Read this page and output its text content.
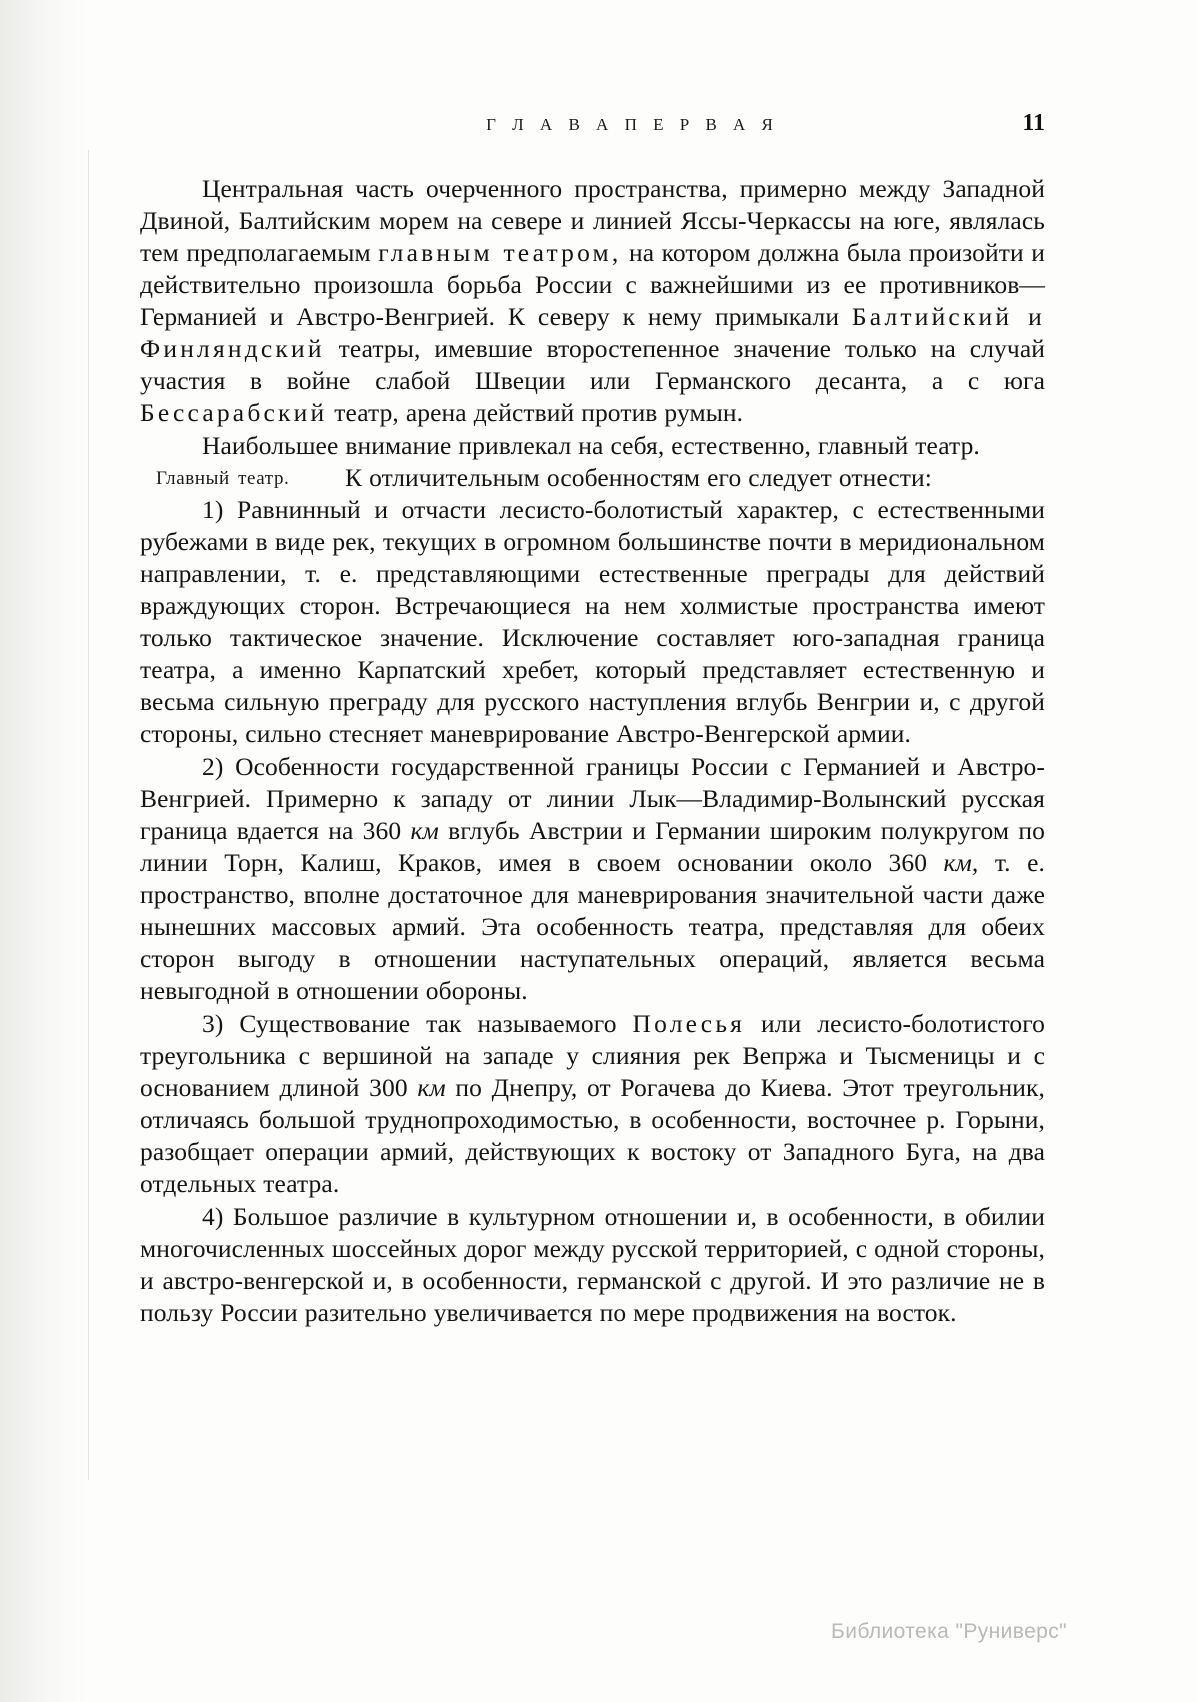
Г Л А В А П Е Р В А Я	11

Центральная часть очерченного пространства, примерно между Западной Двиной, Балтийским морем на севере и линией Яссы-Черкассы на юге, являлась тем предполагаемым главным театром, на котором должна была произойти и действительно произошла борьба России с важнейшими из ее противников—Германией и Австро-Венгрией. К северу к нему примыкали Балтийский и Финляндский театры, имевшие второстепенное значение только на случай участия в войне слабой Швеции или Германского десанта, а с юга Бессарабский театр, арена действий против румын.

Наибольшее внимание привлекал на себя, естественно, главный театр.

Главный театр.	К отличительным особенностям его следует отнести:

1) Равнинный и отчасти лесисто-болотистый характер, с естественными рубежами в виде рек, текущих в огромном большинстве почти в меридиональном направлении, т. е. представляющими естественные преграды для действий враждующих сторон. Встречающиеся на нем холмистые пространства имеют только тактическое значение. Исключение составляет юго-западная граница театра, а именно Карпатский хребет, который представляет естественную и весьма сильную преграду для русского наступления вглубь Венгрии и, с другой стороны, сильно стесняет маневрирование Австро-Венгерской армии.

2) Особенности государственной границы России с Германией и Австро-Венгрией. Примерно к западу от линии Лык—Владимир-Волынский русская граница вдается на 360 км вглубь Австрии и Германии широким полукругом по линии Торн, Калиш, Краков, имея в своем основании около 360 км, т. е. пространство, вполне достаточное для маневрирования значительной части даже нынешних массовых армий. Эта особенность театра, представляя для обеих сторон выгоду в отношении наступательных операций, является весьма невыгодной в отношении обороны.

3) Существование так называемого Полесья или лесисто-болотистого треугольника с вершиной на западе у слияния рек Вепржа и Тысменицы и с основанием длиной 300 км по Днепру, от Рогачева до Киева. Этот треугольник, отличаясь большой труднопроходимостью, в особенности, восточнее р. Горыни, разобщает операции армий, действующих к востоку от Западного Буга, на два отдельных театра.

4) Большое различие в культурном отношении и, в особенности, в обилии многочисленных шоссейных дорог между русской территорией, с одной стороны, и австро-венгерской и, в особенности, германской с другой. И это различие не в пользу России разительно увеличивается по мере продвижения на восток.

Библиотека "Руниверс"
